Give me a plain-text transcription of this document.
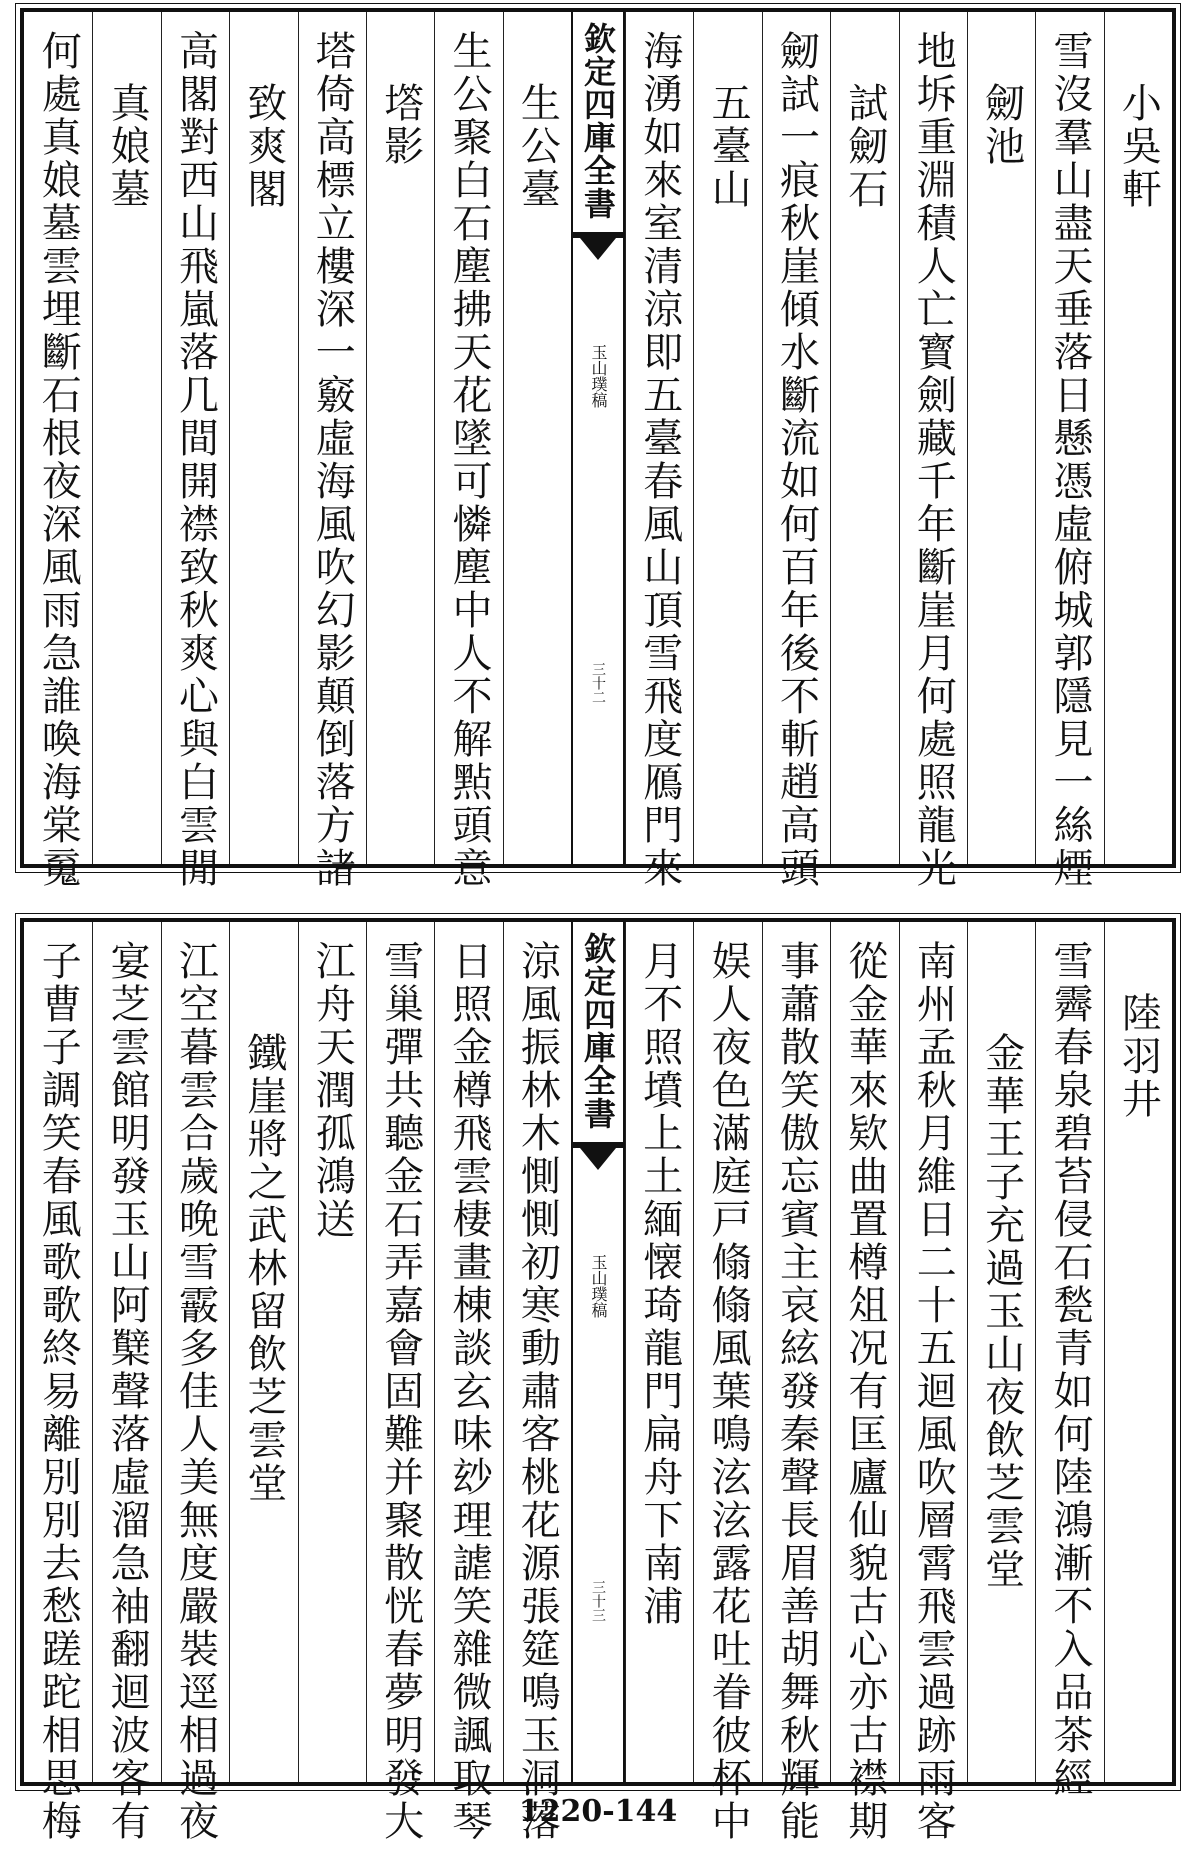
小吳軒
雪沒羣山盡天垂落日懸憑虛俯城郭隱見一絲煙
劒池
地坼重淵積人亡寳劍藏千年斷崖月何處照龍光
試劒石
劒試一痕秋崖傾水斷流如何百年後不斬趙高頭
五臺山
海湧如來室清涼即五臺春風山頂雪飛度鴈門來
生公臺
生公聚白石塵拂天花墜可憐塵中人不解㸃頭意
㙮影
塔倚高標立樓深一竅虛海風吹幻影顛倒落方諸
致爽閣
高閣對西山飛嵐落几間開襟致秋爽心與白雲閒
真娘墓
何處真娘墓雲埋斷石根夜深風雨急誰喚海棠䰟	欽定四庫全書
玉山璞稿
三十二
陸羽井
雪霽春泉碧苔侵石甃青如何陸鴻漸不入品茶經
金華王子充過玉山夜飲芝雲堂
南州孟秋月維日二十五迴風吹層霄飛雲過跡雨客
從金華來欵曲置樽俎况有匡廬仙貌古心亦古襟期
事蕭散笑傲忘賓主哀絃發秦聲長眉善胡舞秋輝能
娱人夜色滿庭戸翛翛風葉鳴泫泫露花吐眷彼杯中
月不照墳上土緬懐琦龍門扁舟下南浦
涼風振林木惻惻初寒動肅客桃花源張筵鳴玉洞落
日照金樽飛雲棲畫棟談玄味玅理謔笑雜微諷取琴
雪巢彈共聽金石弄嘉會固難并聚散恍春夢明發大
江舟天潤孤鴻送
鐵崖將之武林留飲芝雲堂
江空暮雲合歲晚雪霰多佳人美無度嚴裝逕相過夜
宴芝雲館明發玉山阿櫱聲落虛溜急袖翻迴波客有
子曹子調笑春風歌歌終易離別別去愁蹉跎相思梅	欽定四庫全書
玉山璞稿
三十三
1220-144
